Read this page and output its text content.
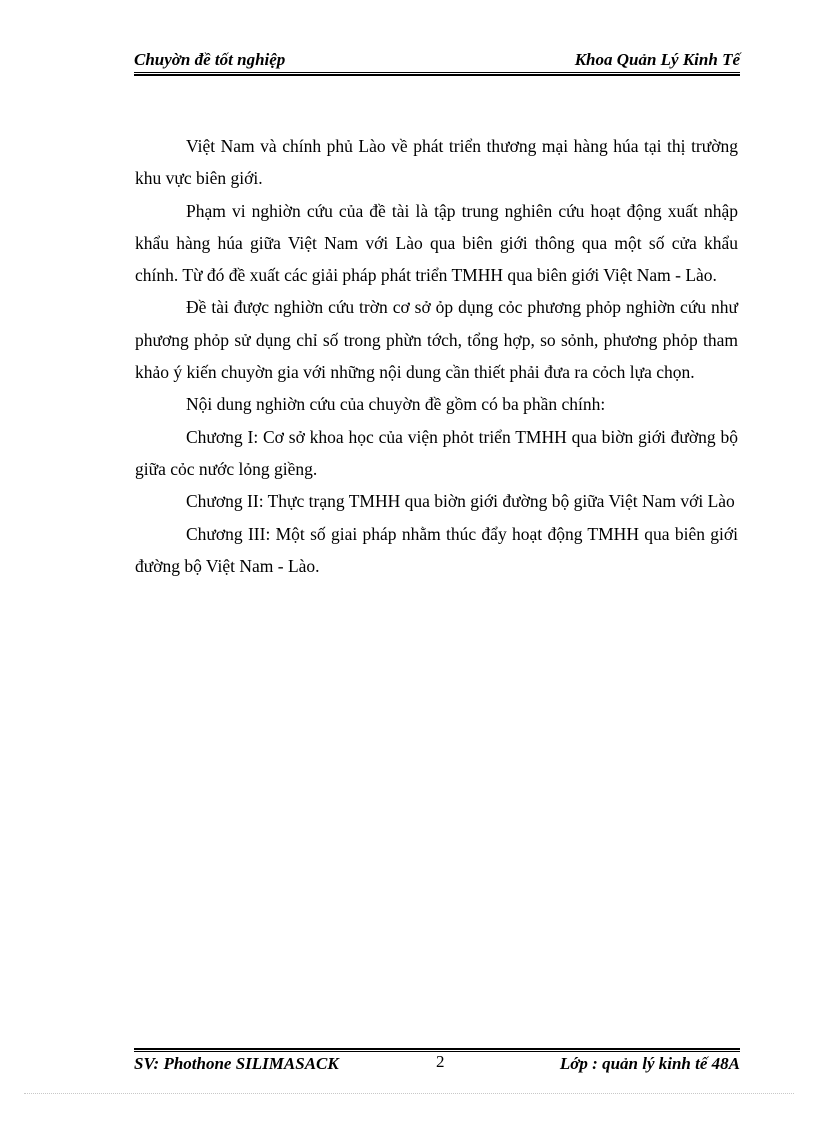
Chuyờn đề tốt nghiệp	Khoa Quản Lý Kinh Tế

Việt Nam và chính phủ Lào về phát triển thương mại hàng húa tại thị trường khu vực biên giới.

Phạm vi nghiờn cứu của đề tài là tập trung nghiên cứu hoạt động xuất nhập khẩu hàng húa giữa Việt Nam với Lào qua biên giới thông qua một số cửa khẩu chính. Từ đó đề xuất các giải pháp phát triển TMHH qua biên giới Việt Nam - Lào.

Đề tài được nghiờn cứu trờn cơ sở ỏp dụng cỏc phương phỏp nghiờn cứu như phương phỏp sử dụng chỉ số trong phừn tớch, tổng hợp, so sỏnh, phương phỏp tham khảo ý kiến chuyờn gia với những nội dung cần thiết phải đưa ra cỏch lựa chọn.

Nội dung nghiờn cứu của chuyờn đề gồm có ba phần chính:

Chương I: Cơ sở khoa học của viện phỏt triển TMHH qua biờn giới đường bộ giữa cỏc nước lỏng giềng.

Chương II: Thực trạng TMHH qua biờn giới đường bộ giữa Việt Nam với Lào

Chương III: Một số giai pháp nhằm thúc đẩy hoạt động TMHH qua biên giới đường bộ Việt Nam - Lào.

SV: Phothone SILIMASACK	2	Lớp : quản lý kinh tế 48A
